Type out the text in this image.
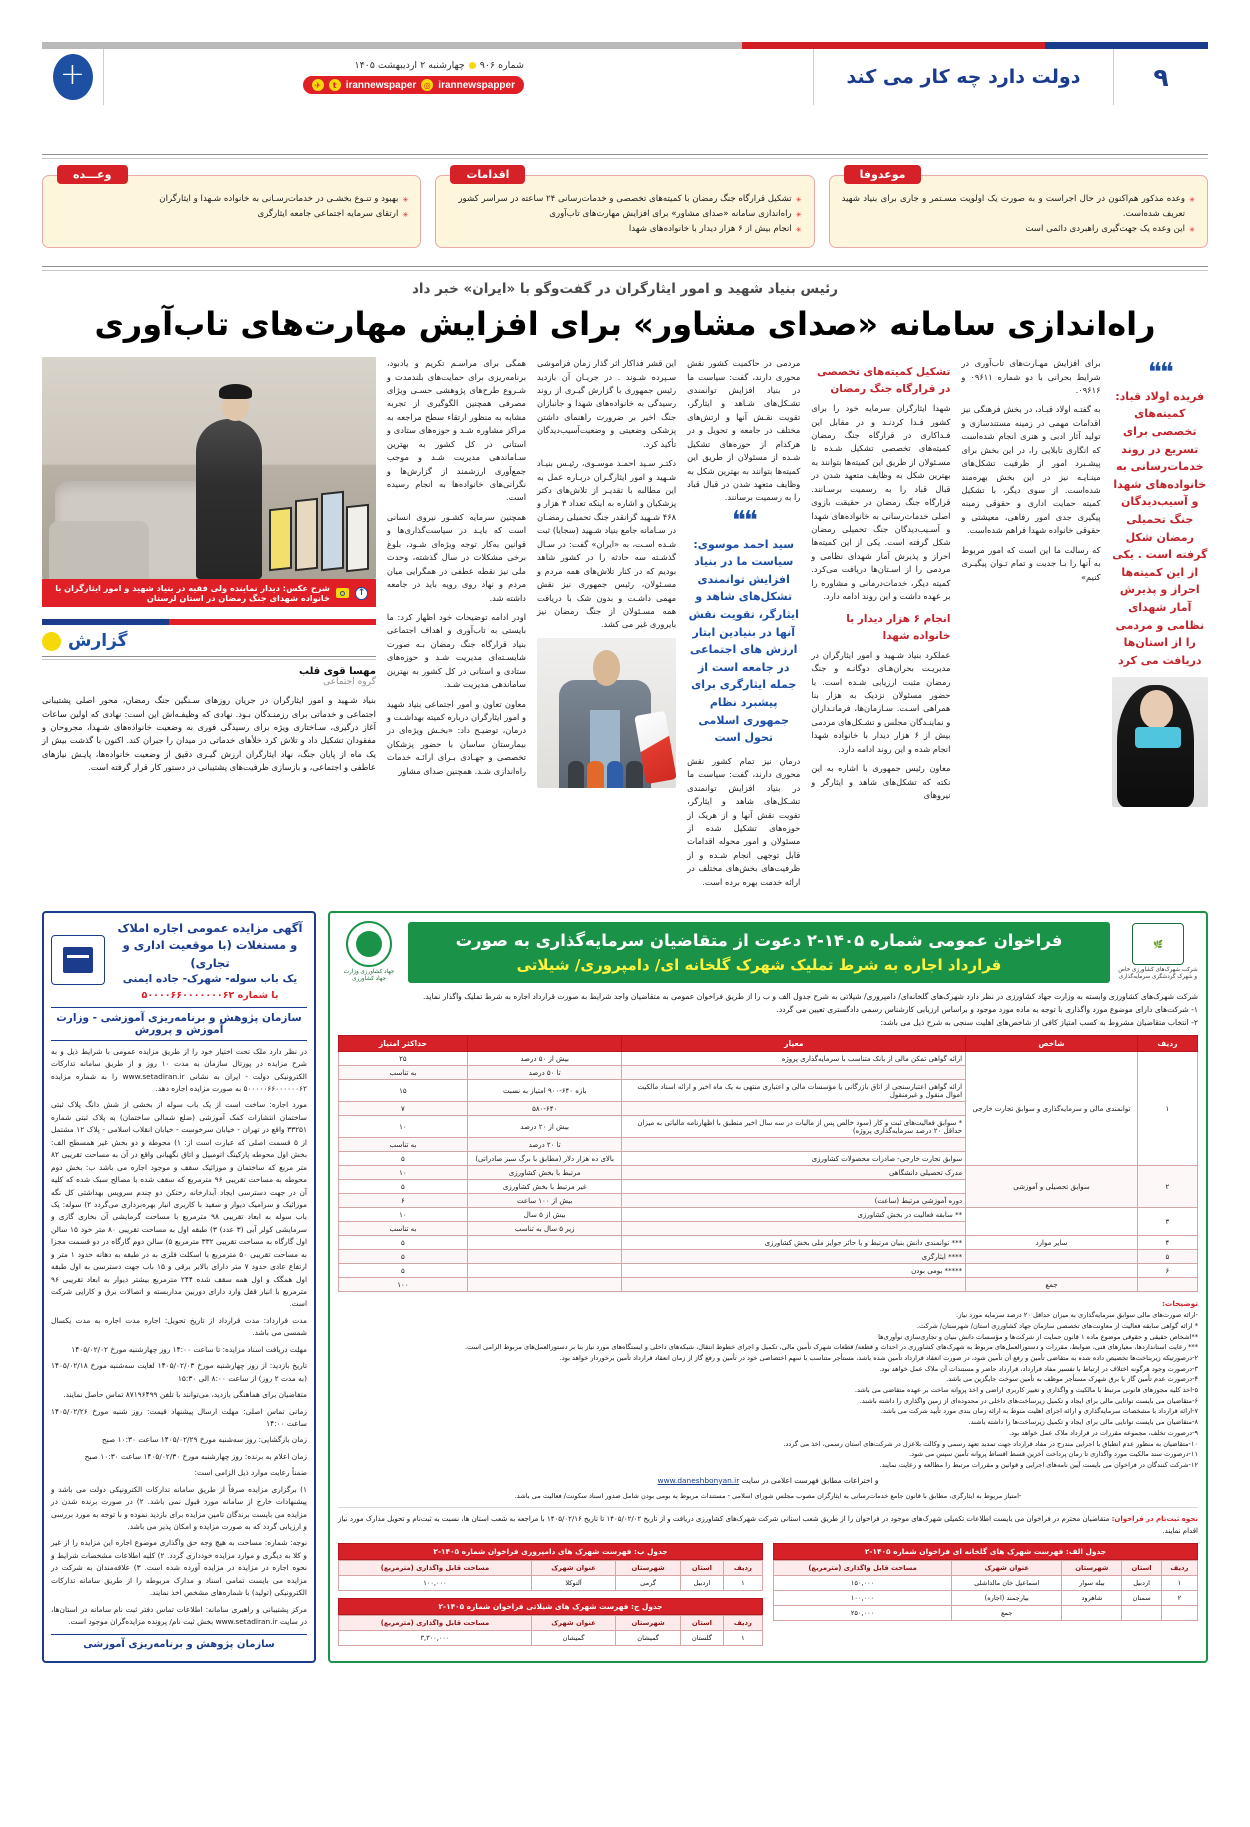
۹
دولت دارد چه کار می کند
شماره ۹۰۶
چهارشنبه ۲ اردیبهشت ۱۴۰۵
✈	t irannewspaper ◎ irannewspapper
+
موعدوفا
✳ وعده مذکور هم‌اکنون در حال اجراست و به صورت یک اولویت مسـتمر و جاری برای بنیاد شهید تعریف شده‌است.
✳ این وعده یک جهت‌گیری راهبردی دائمی است
اقدامات
✳ تشکیل قرارگاه جنگ رمضان با کمیته‌های تخصصی و خدمات‌رسانی ۲۴ ساعته در سراسر کشور
✳ راه‌اندازی سامانه «صدای مشاور» برای افزایش مهارت‌های تاب‌آوری
✳ انجام بیش از ۶ هزار دیدار با خانواده‌های شهدا
وعـــده
✳ بهبود و تنـوع بخشـی در خدمات‌رسـانی به خانواده شـهدا و ایثارگران
✳ ارتقای سرمایه اجتماعی جامعه ایثارگری
رئیس بنیاد شهید و امور ایثارگران در گفت‌وگو با «ایران» خبر داد
راه‌اندازی سامانه «صدای مشاور» برای افزایش مهارت‌های تاب‌آوری
❝❝
فریده اولاد قباد: کمیته‌های تخصصی برای تسریع در روند خدمات‌رسانی به خانواده‌های شهدا و آسیب‌دیدگان جنگ تحمیلی رمضان شکل گرفته است . یکی از این کمیته‌ها احراز و پذیرش آمار شهدای نظامی و مردمی را از استان‌ها دریافت می کرد

برای افزایش مهـارت‌های تاب‌آوری در شرایط بحرانی با دو شماره ۰۹۶۱۱ و ۰۹۶۱۶.

به گفتـه اولاد قبـاد، در بخش فرهنگی نیز اقدامات مهمی در زمینه مستندسازی و تولید آثار ادبی و هنری انجام شده‌است که انگاری تابلایی را، در این بخش برای پیشـبرد امور از ظرفیت تشکل‌های مینـایـه نیز در این بخش بهره‌مند شده‌است. از سوی دیگر، با تشکیل کمیته حمایت اداری و حقوقی زمینه پیگیری جدی امور رفاهی، معیشتی و حقوقی خانواده شهدا فراهم شده‌است.

که رسالت ما این است که امور مربوط به آنها را بـا جدیت و تمام تـوان پیگیـری کنیم»

تشکیل کمیته‌های تخصصی در قرارگاه جنگ رمضان

شهدا ایثارگران سرمایه خود را برای کشور فـدا کردنـد و در مقابل این فـداکاری در قرارگاه جنگ رمضان کمیته‌های تخصصی تشکیل شـده تا مسـئولان از طریق این کمیته‌ها بتوانند به بهترین شکل به وظایف متعهد شدن در قبال قباد را به رسمیت برسـانند. قرارگاه جنگ رمضان در حقیقت بازوی اصلی خدمات‌رسانی به خانواده‌های شهدا و آسـیب‌دیدگان جنگ تحمیلی رمضان شکل گرفته است. یکی از این کمیته‌ها احراز و پذیرش آمار شهدای نظامی و مردمی را از اسـتان‌ها دریافت می‌کرد. کمیته دیگر، خدمات‌درمانی و مشاوره را بر عهده داشت و این روند ادامه دارد.

انجام ۶ هزار دیدار با خانواده شهدا

عملکرد بنیاد شـهید و امور ایثارگران در مدیریـت بحران‌هـای دوگانـه و جنگ رمضان مثبت ارزیابی شـده است. با حضور مسئولان نزدیک به هزار بنا همراهی اسـت. سـازمان‌ها، فرمانـداران و نماینـدگان مجلس و تشـکل‌های مردمی بیش از ۶ هزار دیدار با خانواده شهدا انجام شده و این روند ادامه دارد.

معاون رئیس جمهوری با اشاره به این نکته که تشکل‌های شاهد و ایثارگر و نیروهای

مردمی در حاکمیت کشور نقش محوری دارند، گفت: سیاست ما در بنیاد افزایش توانمندی تشـکل‌های شـاهد و ایثارگر، تقویت نقـش آنها و ارتش‌های مختلف در جامعه و تحویل و در هرکدام از حوزه‌های تشکیل شـده از مسئولان از طریق این کمیته‌ها بتوانند به بهترین شکل به وظایف متعهد شدن در قبال قباد را به رسمیت برسانند.

❝❝
سید احمد موسوی: سیاست ما در بنیاد افزایش توانمندی تشکل‌های شاهد و ایثارگر، تقویت نقش آنها در بنیادین ابتار ارزش های اجتماعی در جامعه است از جمله ایثارگری برای پیشبرد نظام جمهوری اسلامی تحول است

درمان نیز تمام کشور نقش محوری دارند، گفت: سیاست ما در بنیاد افزایش توانمندی تشـکل‌های شاهد و ایثارگر، تقویت نقش آنها و از هریک از حوزه‌های تشکیل شده از مسئولان و امور محوله اقدامات قابل توجهی انجام شـده و از ظرفیت‌های بخش‌های مختلف در ارائه خدمت بهره برده‌ است.

این قشر فداکار اثر گذار زمان فراموشی سـپرده شـوند . در جریـان آن بازدید رئیس جمهوری با گزارش گیـری از روند رسیدگی به خانواده‌های شهدا و جانبازان جنگ اخیر بر ضرورت راهنمای داشتن پزشکی وضعیتی و وضعیت‌آسیب‌دیدگان تأکید کرد.

دکتـر سـید احمـد موسـوی، رئیـس بنیـاد شـهید و امور ایثارگـران دربـاره عمل به این مطالبه با تقدیـر از تلاش‌های دکتر پزشکیان و اشاره به اینکه تعداد ۳ هزار و ۴۶۸ شـهید گرانقدر جنگ تحمیلی رمضـان در سـامانه جامع بنیاد شـهید (سجایا) ثبت شـده اسـت، به «ایران» گفت: در سـال گذشـته سه حادثه را در کشور شاهد بودیم که در کنار تلاش‌های همه مردم و مسـئولان، رئیس جمهوری نیز نقش مهمی داشـت و بدون شک با دریافت همه مسـئولان از جنگ رمضان نیز بایروری غیر می کشد.

همگی برای مراسـم تکریم و یادبود، برنامه‌ریزی برای حمایت‌های بلندمدت و شـروع طرح‌های پژوهشی حسـی ویژای مصرفی همچنین الگوگیری از تجربه مشابه به منظور ارتقاء سطح مراجعه به مراکز مشاوره شـد و حوزه‌های ستادی و استانی در کل کشور به بهترین سـاماندهی مدیریت شـد و موجب جمع‌آوری ارزشمند از گزارش‌ها و نگرانی‌های خانواده‌ها به انجام رسیده است.

همچنین سرمایه کشـور نیروی انسانی است که بایـد در سیاست‌گذاری‌ها و قوانین به‌کار توجه ویژه‌ای شـود، بلوغ برخی مشکلات در سال گذشته، وحدت ملی نیز نقطه عطفی در همگرایی میان مردم و نهاد روی رویه باید در جامعه داشته شد.

اودر ادامه توضیحات خود اظهار کرد: ما بایستی به تاب‌آوری و اهداف اجتماعی بنیاد قرارگاه جنگ رمضان بـه صورت شایسـته‌ای مدیریت شـد و حوزه‌های ستادی و استانی در کل کشور به بهترین ساماندهی مدیریت شـد.

معاون تعاون و امور اجتماعی بنیاد شهید و امور ایثارگران درباره کمیته بهداشـت و درمان، توضیـح داد: «بخـش ویژه‌ای در بیمارستان ساسان با حضور پزشکان تخصصی و جهـادی بـرای ارائـه خدمات راه‌اندازی شـد. همچنین صدای مشاور

↑
شرح عکس: دیدار نماینده ولی فقیه در بنیاد شهید و امور ایثارگران با خانواده شهدای جنگ رمضان در استان لرستان
گزارش
مهسا قوی قلب
گروه اجتماعی
بنیاد شـهید و امور ایثارگران در جریان روزهای سـنگین جنگ رمضان، محور اصلی پشتیبانی اجتماعی و خدماتی برای رزمنـدگان بـود. نهادی که وظیفـه‌اش این است: نهادی که اولین ساعات آغاز درگیری، سـاختاری ویژه برای رسیدگی فوری به وضعیت خانواده‌های شـهدا، مجروحان و مفقودان تشکیل داد و تلاش کرد خلأهای خدماتی در میدان را جبران کند. اکنون با گذشت بیش از یک ماه از پایان جنگ، نهاد ایثارگران ارزش گیـری دقیق از وضعیت خانواده‌ها، پایـش نیازهای عاطفی و اجتماعی، و بازسازی ظرفیت‌های پشتیبانی در دستور کار قرار گرفته است.
🌿
شرکت شهرک‌های کشاورزی خاص و شهرک گردشگری سرمایه‌گذاری
فراخوان عمومی شماره ۱۴۰۵-۲ دعوت از متقاضیان سرمایه‌گذاری به صورت
قرارداد اجاره به شرط تملیک شهرک گلخانه ای/ دامپروری/ شیلاتی
جهاد کشاورزی وزارت جهاد کشاورزی
شرکت شهرک‌های کشاورزی وابسته به وزارت جهاد کشاورزی در نظر دارد شهرک‌های گلخانه‌ای/ دامپروری/ شیلاتی به شرح جدول الف و ب را از طریق فراخوان عمومی به متقاضیان واجد شرایط به صورت قرارداد اجاره به شرط تملیک واگذار نماید.
۱- شرکت‌های دارای موضوع مورد واگذاری با توجه به ماده مورد موجود و براساس ارزیابی کارشناس رسمی دادگستری تعیین می گردد.
۲- انتخاب متقاضیان مشروط به کسب امتیاز کافی از شاخص‌های اهلیت سنجی به شرح ذیل می باشد:
ردیف	شاخص	معیار		حداکثر امتیاز
۱	توانمندی مالی و سرمایه‌گذاری و سوابق تجارت خارجی	ارائه گواهی تمکن مالی از بانک متناسب با سرمایه‌گذاری پروژه	بیش از ۵۰ درصد	۲۵
			تا ۵۰ درصد	به تناسب
		ارائه گواهی اعتبارسنجی از اتاق بازرگانی یا مؤسسات مالی و اعتباری منتهی به یک ماه اخیر و ارائه اسناد مالکیت اموال منقول و غیرمنقول	بازه ۶۴۰-۹۰۰ امتیاز به نسبت	۱۵
			۵۸۰-۶۴۰	۷
		* سوابق فعالیت‌های ثبت و کار (سود خالص پس از مالیات در سه سال اخیر منطبق با اظهارنامه مالیاتی به میزان حداقل ۲۰ درصد سرمایه‌گذاری پروژه)	بیش از ۲۰ درصد	۱۰
			تا ۲۰ درصد	به تناسب
		سوابق تجارت خارجی- صادرات محصولات کشاورزی	بالای ده هزار دلار (مطابق با برگ سبز صادراتی)	۵
۲	سوابق تحصیلی و آموزشی	مدرک تحصیلی دانشگاهی	مرتبط با بخش کشاورزی	۱۰
			غیر مرتبط با بخش کشاورزی	۵
		دوره آموزشی مرتبط (ساعت)	بیش از ۱۰۰ ساعت	۶
۳		** سابقه فعالیت در بخش کشاورزی	بیش از ۵ سال	۱۰
			زیر ۵ سال به تناسب	به تناسب
۴	سایر موارد	*** توانمندی دانش بنیان مرتبط و یا حائز جوایز ملی بخش کشاورزی		۵
۵		**** ایثارگری		۵
۶		***** بومی بودن		۵
	جمع			۱۰۰
توضیحات:
-ارائه صورت‌های مالی سوابق سرمایه‌گذاری به میزان حداقل ۲۰ درصد سرمایه مورد نیاز.
* ارائه گواهی سابقه فعالیت از معاونت‌های تخصصی سازمان جهاد کشاورزی استان/ شهرستان/ شرکت.
**اشخاص حقیقی و حقوقی موضوع ماده ۱ قانون حمایت از شرکت‌ها و مؤسسات دانش بنیان و تجاری‌سازی نوآوری‌ها
*** رعایت استانداردها، معیارهای فنی، ضوابط، مقررات و دستورالعمل‌های مربوط به شهرک‌های کشاورزی در احداث و قطعه/ قطعات شهرک تأمین مالی، تکمیل و اجرای خطوط انتقال، شبکه‌های داخلی و ایستگاه‌های مورد نیاز بنا بر دستورالعمل‌های مربوط الزامی است.
۲-درصورتیکه زیربناخت‌ها تخصیص داده شده به متقاضی تأمین و رفع آن تأمین شود، در صورت انعقاد قرارداد تأمین شده باشد، مستأجر متناسب با سهم اختصاصی خود در تأمین و رفع گاز از زمان انعقاد قرارداد تأمین برخوردار خواهد بود.
۳-درصورت وجود هرگونه اختلاف در ارتباط با تفسیر مفاد قرارداد، قرارداد حاضر و مستندات آن ملاک عمل خواهد بود.
۴-درصورت عدم تأمین گاز یا برق شهرک مستأجر موظف به تأمین سوخت جایگزین می باشد.
۵-اخذ کلیه مجوزهای قانونی مرتبط با مالکیت و واگذاری و تغییر کاربری اراضی و اخذ پروانه ساخت بر عهده متقاضی می باشد.
۶-متقاضیان می بایست توانایی مالی برای ایجاد و تکمیل زیرساخت‌های داخلی در محدوده‌ای از زمین واگذاری را داشته باشند.
۷-ارائه قرارداد با مشخصات سرمایه‌گذاری و ارائه اجرای اهلیت منوط به ارائه زمان بندی مورد تأیید شرکت می باشد.
۸-متقاضیان می بایست توانایی مالی برای ایجاد و تکمیل زیرساخت‌ها را داشته باشند.
۹-درصورت تخلف، مجموعه مقررات در قرارداد ملاک عمل خواهد بود.
۱۰-متقاضیان به منظور عدم انطباق با اجرایی مندرج در مفاد قرارداد جهت تمدید تعهد رسمی و وکالت بلاعزل در شرکت‌های استان رسمی، اخذ می گردد.
۱۱-درصورت سند مالکیت مورد واگذاری تا زمان پرداخت آخرین قسط اقساط پروانه تأمین سپس می شود.
۱۲-شرکت کنندگان در فراخوان می بایست آیین نامه‌های اجرایی و قوانین و مقررات مرتبط را مطالعه و رعایت نمایند.
و اختراعات مطابق فهرست اعلامی در سایت www.daneshbonyan.ir
-امتیاز مربوط به ایثارگری، مطابق با قانون جامع خدمات‌رسانی به ایثارگران مصوب مجلس شورای اسلامی - مستندات مربوط به بومی بودن شامل صدور اسناد سکونت/ فعالیت می باشد.
نحوه ثبت‌نام در فراخوان: متقاضیان محترم در فراخوان می بایست اطلاعات تکمیلی شهرک‌های موجود در فراخوان را از طریق شعب استانی شرکت شهرک‌های کشاورزی دریافت و از تاریخ ۱۴۰۵/۰۲/۰۲ تا تاریخ ۱۴۰۵/۰۲/۱۶ با مراجعه به شعب استان ها، نسبت به ثبت‌نام و تحویل مدارک مورد نیاز اقدام نمایند.
جدول الف: فهرست شهرک های گلخانه ای فراخوان شماره ۱۴۰۵-۲
ردیف	استان	شهرستان	عنوان شهرک	مساحت قابل واگذاری (مترمربع)
۱	اردبیل	بیله سوار	اسماعیل خان مالداشلی	۱۵۰,۰۰۰
۲	سمنان	شاهرود	بیارجمند (اجاره)	۱۰۰,۰۰۰
			جمع	۲۵۰,۰۰۰
جدول ب: فهرست شهرک های دامپروری فراخوان شماره ۱۴۰۵-۲
ردیف	استان	شهرستان	عنوان شهرک	مساحت قابل واگذاری (مترمربع)
۱	اردبیل	گرمی	آلتوکلا	۱۰۰,۰۰۰
جدول ج: فهرست شهرک های شیلاتی فراخوان شماره ۱۴۰۵-۲
ردیف	استان	شهرستان	عنوان شهرک	مساحت قابل واگذاری (مترمربع)
۱	گلستان	گمیشان	گمیشان	۳,۳۰۰,۰۰۰
آگهی مزایده عمومی اجاره املاک
و مستغلات (با موقعیت اداری و تجاری)
یک باب سوله- شهرک- جاده ایمنی
با شماره ۵۰۰۰۰۶۶۰۰۰۰۰۰۰۶۲
سازمان پژوهش و برنامه‌ریزی آموزشی - وزارت آموزش و پرورش

در نظر دارد ملک تحت اختیار خود را از طریق مزایده عمومی با شرایط ذیل و به شرح مزایده در پورتال سازمان به مدت ۱۰ روز و از طریق سامانه تدارکات الکترونیکی دولت - ایران به نشانی www.setadiran.ir را به شماره مزایده ۵۰۰۰۰۰۶۶۰۰۰۰۰۰۶۲ به صورت مزایده اجاره دهد.

مورد اجاره: ساخت است از یک باب سوله از بخشی از شش دانگ پلاک ثبتی ساختمان انتشارات کمک آموزشی (ضلع شمالی ساختمان) به پلاک ثبتی شماره ۳۳۲۵۱ واقع در تهران - خیابان سرخوست - خیابان انقلاب اسلامی - پلاک ۱۲ مشتمل از ۵ قسمت اصلی که عبارت است از: ۱) محوطه و دو بخش غیر همسطح الف: بخش اول محوطه پارکینگ اتومبیل و اتاق نگهبانی واقع در آن به مساحت تقریبی ۸۲ متر مربع که ساختمان و موزائیک سقف و موجود اجاره می باشد ب: بخش دوم محوطه به مساحت تقریبی ۹۶ مترمربع که سقف شده با مصالح سبک شده که کلیه آن در جهت دسترسی ایجاد آبدارخانه رختکن دو چندم سرویس بهداشتی کل نگه موزائیک و سرامیک دیوار و سفید با کاربری انبار بهره‌برداری می‌گردد ۲) سوله: یک باب سوله به ابعاد تقریبی ۹۸ مترمربع با مساحت گرمایشی آن بخاری گازی و سرمایشی کولر آبی (۳ عدد) ۳) طبقه اول به مساحت تقریبی ۸۰ متر خود ۱۵ سالن اول گارگاه به مساحت تقریبی ۳۳۲ مترمربع ۵) سالن دوم گارگاه در دو قسمت مجزا به مساحت تقریبی ۵۰ مترمربع با اسکلت فلزی به در طبقه به دهانه حدود ۱ متر و ارتفاع عادی حدود ۷ متر دارای بالابر برقی و ۱۵ باب جهت دسترسی به اول طبقه اول همگک و اول همه سقف شده ۲۴۴ مترمربع بیشتر دیوار به ابعاد تقریبی ۹۶ مترمربع با انبار قفل وارد دارای دوربین مداربسته و اتصالات برق و کارایی شرکت است.

مدت قرارداد: مدت قرارداد از تاریخ تحویل: اجاره مدت اجاره به مدت یکسال شمسی می باشد.

مهلت دریافت اسناد مزایده: تا ساعت ۱۴:۰۰ روز چهارشنبه مورخ ۱۴۰۵/۰۲/۰۲

تاریخ بازدید: از روز چهارشنبه مورخ ۱۴۰۵/۰۲/۰۳ لغایت سه‌شنبه مورخ ۱۴۰۵/۰۲/۱۸ (به مدت ۲ روز) از ساعت ۸:۰۰ الی ۱۵:۳۰

متقاضیان برای هماهنگی بازدید، می‌توانند با تلفن ۸۷۱۹۶۴۹۹ تماس حاصل نمایند.

زمانی تماس اصلی: مهلت ارسال پیشنهاد قیمت: روز شنبه مورخ ۱۴۰۵/۰۲/۲۶ ساعت ۱۴:۰۰

زمان بازگشایی: روز سه‌شنبه مورخ ۱۴۰۵/۰۲/۲۹ ساعت ۱۰:۳۰ صبح

زمان اعلام به برنده: روز چهارشنبه مورخ ۱۴۰۵/۰۲/۳۰ ساعت ۱۰:۳۰ صبح

ضمناً رعایت موارد ذیل الزامی است:

۱) برگزاری مزایده صرفاً از طریق سامانه تدارکات الکترونیکی دولت می باشد و پیشنهادات خارج از سامانه مورد قبول نمی باشد. ۲) در صورت برنده شدن در مزایده می بایست برندگان تامین مزایده برای بازدید نموده و با توجه به مورد بررسی و ارزیابی گردد که به صورت مزایده و امکان پذیر می باشد.

نوجه: شماره: مساحت به هیچ وجه حق واگذاری موضوع اجاره این مزایده را از غیر و کلا به دیگری و موارد مزایده خودداری گردد. ۲) کلیه اطلاعات مشخصات شرایط و نحوه اجاره در مزایده در مزایده آورده شده است. ۳) علاقه‌مندان به شرکت در مزایده می بایست تمامی اسناد و مدارک مربوطه را از طریق سامانه تدارکات الکترونیکی (تولید) با شماره‌های مشخص اخذ نمایند.

مرکز پشتیبانی و راهبری سامانه: اطلاعات تماس دفتر ثبت نام سامانه در استان‌ها، در سایت www.setadiran.ir بخش ثبت نام/ پرونده مزایده‌گران موجود است.

سازمان پژوهش و برنامه‌ریزی آموزشی
